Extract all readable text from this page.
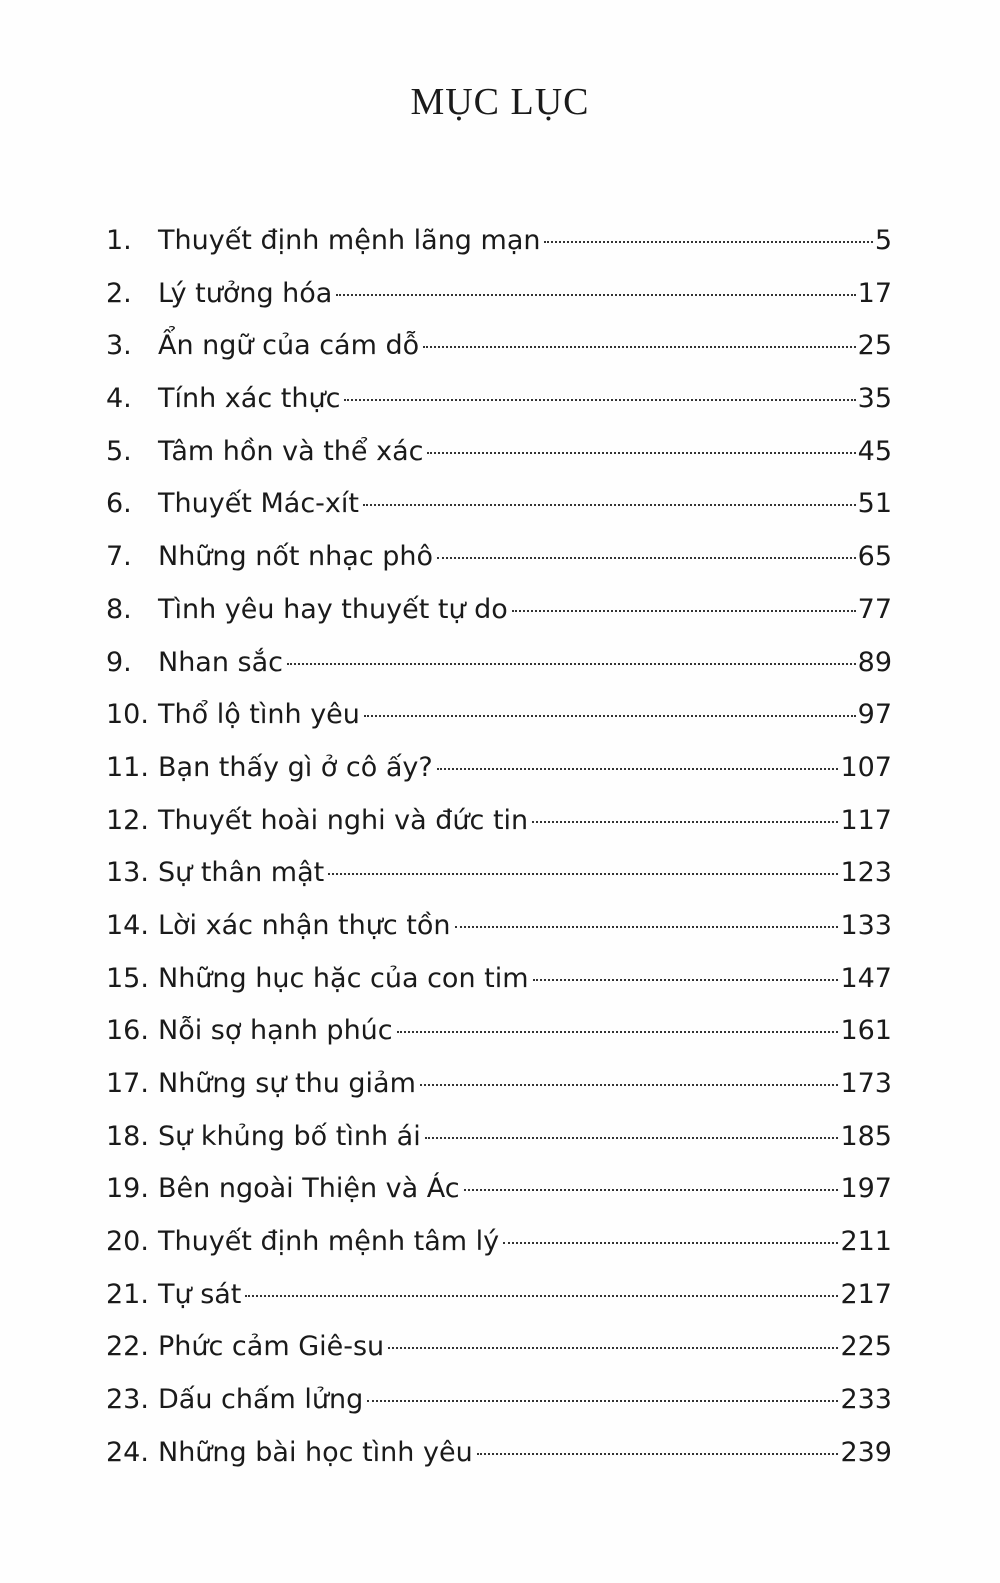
MỤC LỤC
1. Thuyết định mệnh lãng mạn	5
2. Lý tưởng hóa	17
3. Ẩn ngữ của cám dỗ	25
4. Tính xác thực	35
5. Tâm hồn và thể xác	45
6. Thuyết Mác-xít	51
7. Những nốt nhạc phô	65
8. Tình yêu hay thuyết tự do	77
9. Nhan sắc	89
10. Thổ lộ tình yêu	97
11. Bạn thấy gì ở cô ấy?	107
12. Thuyết hoài nghi và đức tin	117
13. Sự thân mật	123
14. Lời xác nhận thực tồn	133
15. Những hục hặc của con tim	147
16. Nỗi sợ hạnh phúc	161
17. Những sự thu giảm	173
18. Sự khủng bố tình ái	185
19. Bên ngoài Thiện và Ác	197
20. Thuyết định mệnh tâm lý	211
21. Tự sát	217
22. Phức cảm Giê-su	225
23. Dấu chấm lửng	233
24. Những bài học tình yêu	239
